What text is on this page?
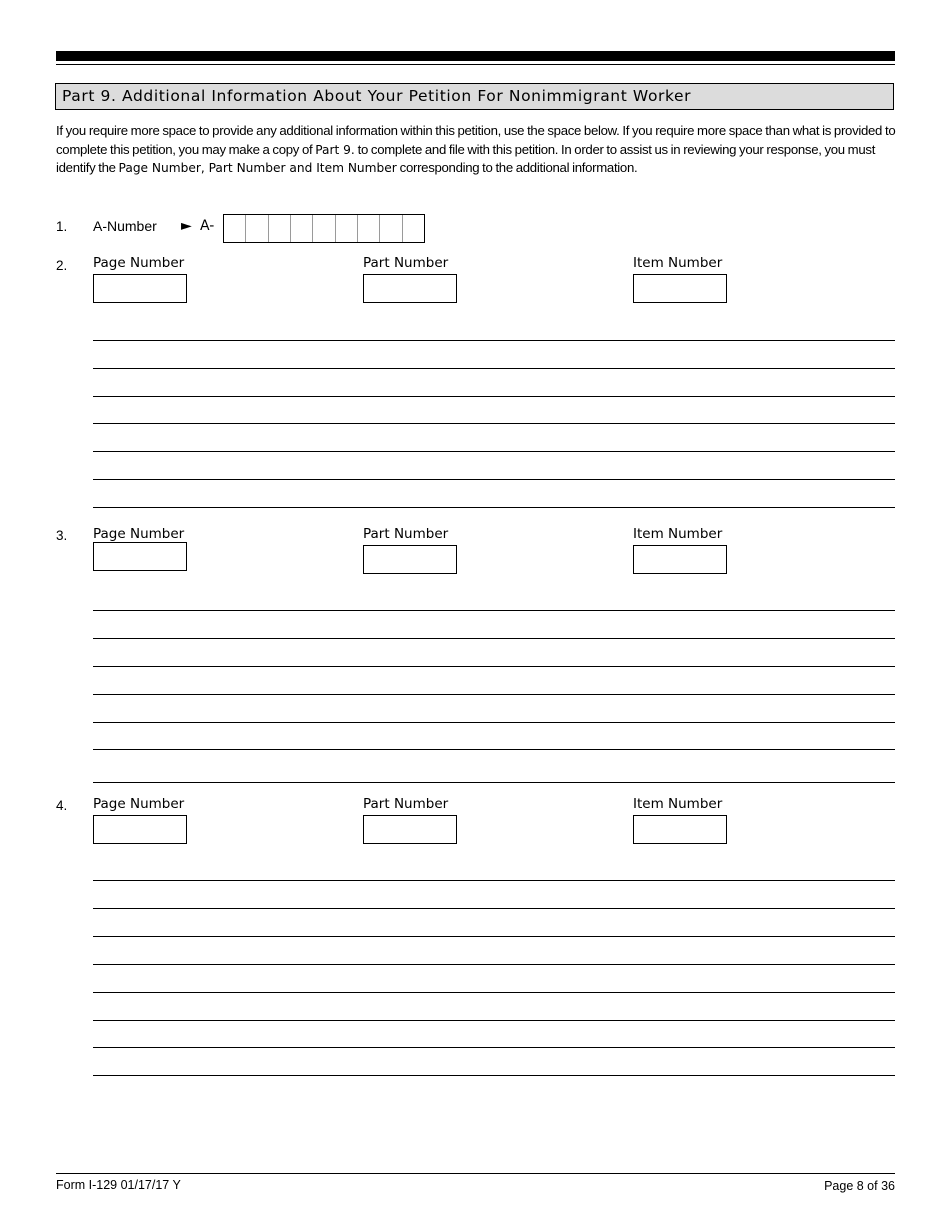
Part 9. Additional Information About Your Petition For Nonimmigrant Worker

If you require more space to provide any additional information within this petition, use the space below. If you require more space than what is provided to complete this petition, you may make a copy of Part 9. to complete and file with this petition. In order to assist us in reviewing your response, you must identify the Page Number, Part Number and Item Number corresponding to the additional information.

1. A-Number ► A-
2. Page Number	Part Number	Item Number
3. Page Number	Part Number	Item Number
4. Page Number	Part Number	Item Number
Form I-129 01/17/17 Y	Page 8 of 36
